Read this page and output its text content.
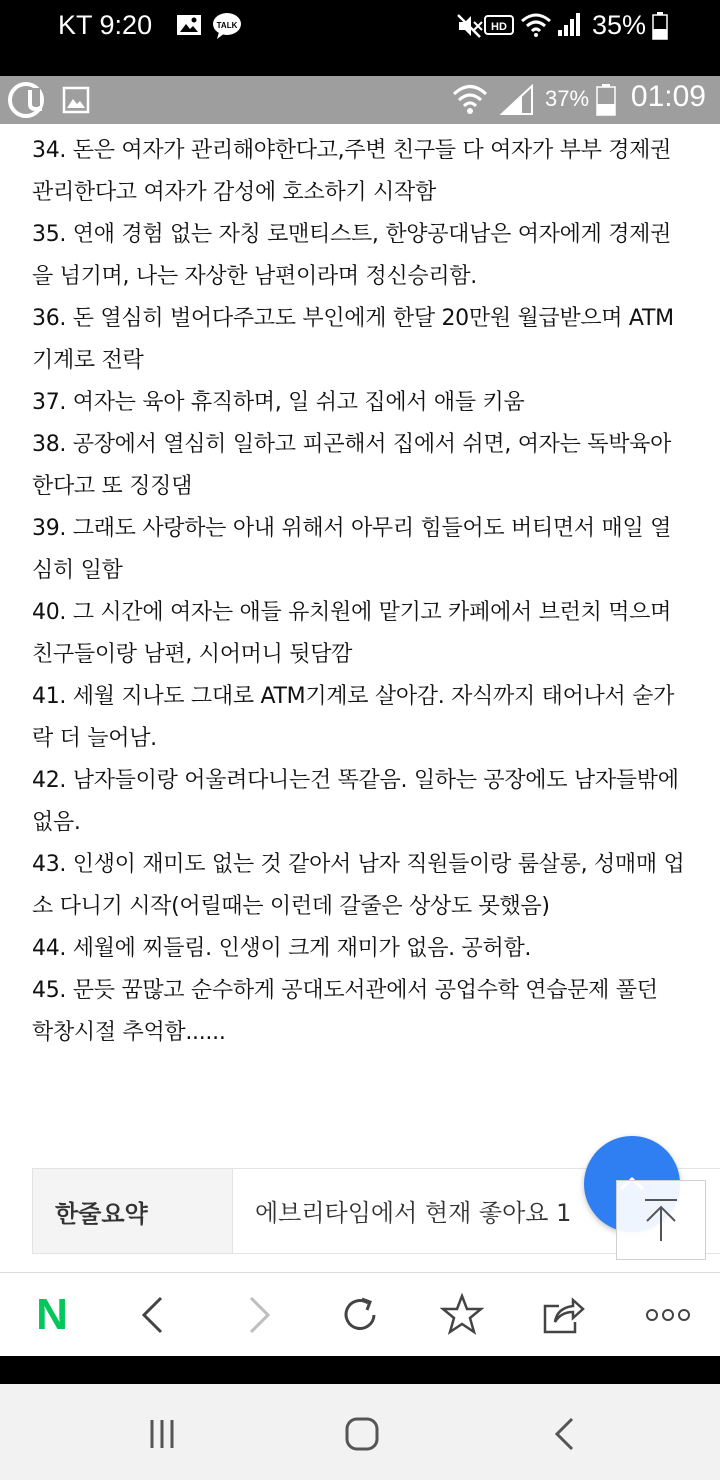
KT 9:20	TALK	HD	35%
37% 01:09

34. 돈은 여자가 관리해야한다고,주변 친구들 다 여자가 부부 경제권

관리한다고 여자가 감성에 호소하기 시작함

35. 연애 경험 없는 자칭 로맨티스트, 한양공대남은 여자에게 경제권

을 넘기며, 나는 자상한 남편이라며 정신승리함.

36. 돈 열심히 벌어다주고도 부인에게 한달 20만원 월급받으며 ATM

기계로 전락

37. 여자는 육아 휴직하며, 일 쉬고 집에서 애들 키움

38. 공장에서 열심히 일하고 피곤해서 집에서 쉬면, 여자는 독박육아

한다고 또 징징댐

39. 그래도 사랑하는 아내 위해서 아무리 힘들어도 버티면서 매일 열

심히 일함

40. 그 시간에 여자는 애들 유치원에 맡기고 카페에서 브런치 먹으며

친구들이랑 남편, 시어머니 뒷담깜

41. 세월 지나도 그대로 ATM기계로 살아감. 자식까지 태어나서 숟가

락 더 늘어남.

42. 남자들이랑 어울려다니는건 똑같음. 일하는 공장에도 남자들밖에

없음.

43. 인생이 재미도 없는 것 같아서 남자 직원들이랑 룸살롱, 성매매 업

소 다니기 시작(어릴때는 이런데 갈줄은 상상도 못했음)

44. 세월에 찌들림. 인생이 크게 재미가 없음. 공허함.

45. 문듯 꿈많고 순수하게 공대도서관에서 공업수학 연습문제 풀던

학창시절 추억함......

한줄요약	에브리타임에서 현재 좋아요 1
N
